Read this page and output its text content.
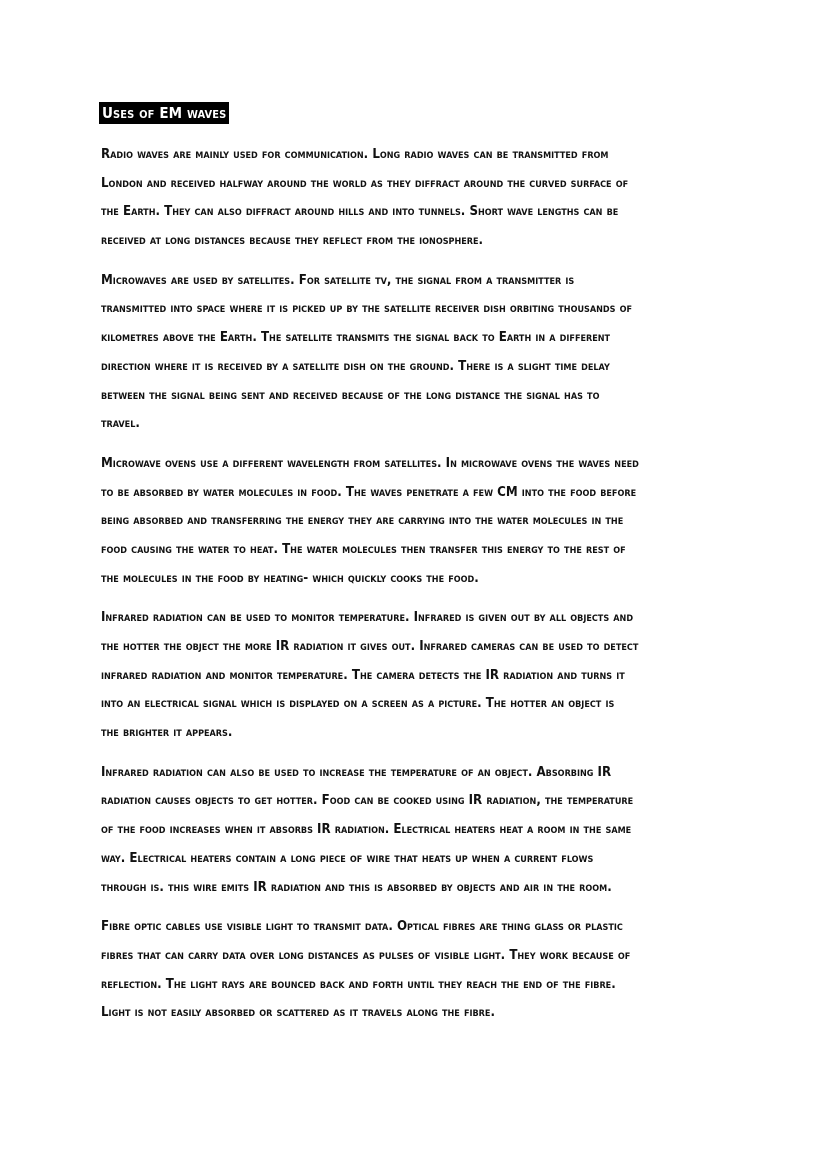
Uses of EM waves
Radio waves are mainly used for communication. Long radio waves can be transmitted from
London and received halfway around the world as they diffract around the curved surface of
the Earth. They can also diffract around hills and into tunnels. Short wave lengths can be
received at long distances because they reflect from the ionosphere.
Microwaves are used by satellites. For satellite tv, the signal from a transmitter is
transmitted into space where it is picked up by the satellite receiver dish orbiting thousands of
kilometres above the Earth. The satellite transmits the signal back to Earth in a different
direction where it is received by a satellite dish on the ground. There is a slight time delay
between the signal being sent and received because of the long distance the signal has to
travel.
Microwave ovens use a different wavelength from satellites. In microwave ovens the waves need
to be absorbed by water molecules in food. The waves penetrate a few CM into the food before
being absorbed and transferring the energy they are carrying into the water molecules in the
food causing the water to heat. The water molecules then transfer this energy to the rest of
the molecules in the food by heating- which quickly cooks the food.
Infrared radiation can be used to monitor temperature. Infrared is given out by all objects and
the hotter the object the more IR radiation it gives out. Infrared cameras can be used to detect
infrared radiation and monitor temperature. The camera detects the IR radiation and turns it
into an electrical signal which is displayed on a screen as a picture. The hotter an object is
the brighter it appears.
Infrared radiation can also be used to increase the temperature of an object. Absorbing IR
radiation causes objects to get hotter. Food can be cooked using IR radiation, the temperature
of the food increases when it absorbs IR radiation. Electrical heaters heat a room in the same
way. Electrical heaters contain a long piece of wire that heats up when a current flows
through is. this wire emits IR radiation and this is absorbed by objects and air in the room.
Fibre optic cables use visible light to transmit data. Optical fibres are thing glass or plastic
fibres that can carry data over long distances as pulses of visible light. They work because of
reflection. The light rays are bounced back and forth until they reach the end of the fibre.
Light is not easily absorbed or scattered as it travels along the fibre.
